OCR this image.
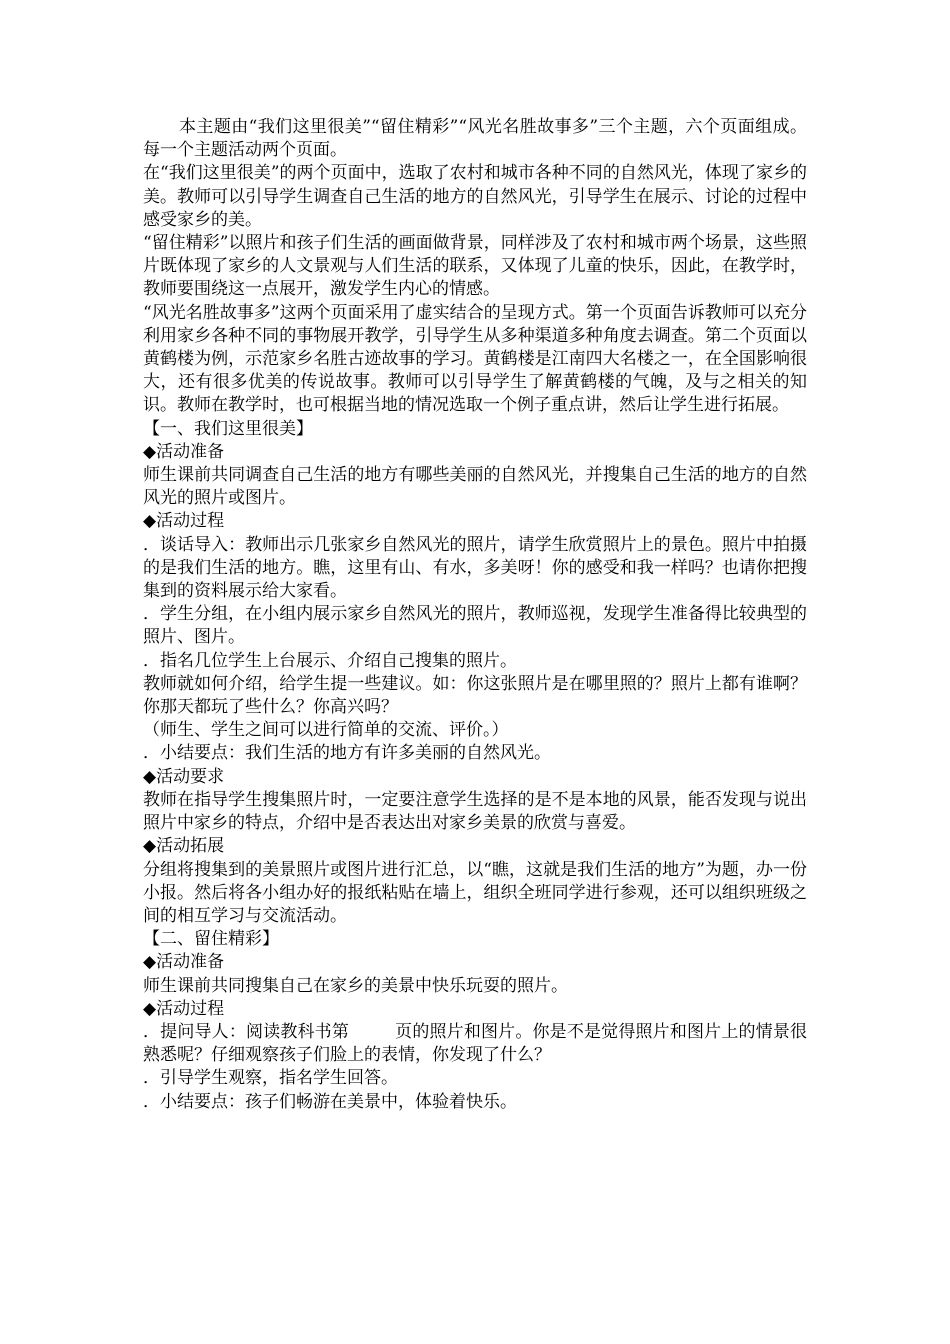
本主题由“我们这里很美”“留住精彩”“风光名胜故事多”三个主题，六个页面组成。每一个主题活动两个页面。

在“我们这里很美”的两个页面中，选取了农村和城市各种不同的自然风光，体现了家乡的美。教师可以引导学生调查自己生活的地方的自然风光，引导学生在展示、讨论的过程中感受家乡的美。

“留住精彩”以照片和孩子们生活的画面做背景，同样涉及了农村和城市两个场景，这些照片既体现了家乡的人文景观与人们生活的联系，又体现了儿童的快乐，因此，在教学时，教师要围绕这一点展开，激发学生内心的情感。

“风光名胜故事多”这两个页面采用了虚实结合的呈现方式。第一个页面告诉教师可以充分利用家乡各种不同的事物展开教学，引导学生从多种渠道多种角度去调查。第二个页面以黄鹤楼为例，示范家乡名胜古迹故事的学习。黄鹤楼是江南四大名楼之一，在全国影响很大，还有很多优美的传说故事。教师可以引导学生了解黄鹤楼的气魄，及与之相关的知识。教师在教学时，也可根据当地的情况选取一个例子重点讲，然后让学生进行拓展。

【一、我们这里很美】

◆活动准备

师生课前共同调查自己生活的地方有哪些美丽的自然风光，并搜集自己生活的地方的自然风光的照片或图片。

◆活动过程

．谈话导入：教师出示几张家乡自然风光的照片，请学生欣赏照片上的景色。照片中拍摄的是我们生活的地方。瞧，这里有山、有水，多美呀！你的感受和我一样吗？也请你把搜集到的资料展示给大家看。

．学生分组，在小组内展示家乡自然风光的照片，教师巡视，发现学生准备得比较典型的照片、图片。

．指名几位学生上台展示、介绍自己搜集的照片。

教师就如何介绍，给学生提一些建议。如：你这张照片是在哪里照的？照片上都有谁啊？你那天都玩了些什么？你高兴吗？

（师生、学生之间可以进行简单的交流、评价。）

．小结要点：我们生活的地方有许多美丽的自然风光。

◆活动要求

教师在指导学生搜集照片时，一定要注意学生选择的是不是本地的风景，能否发现与说出照片中家乡的特点，介绍中是否表达出对家乡美景的欣赏与喜爱。

◆活动拓展

分组将搜集到的美景照片或图片进行汇总，以“瞧，这就是我们生活的地方”为题，办一份小报。然后将各小组办好的报纸粘贴在墙上，组织全班同学进行参观，还可以组织班级之间的相互学习与交流活动。

【二、留住精彩】

◆活动准备

师生课前共同搜集自己在家乡的美景中快乐玩耍的照片。

◆活动过程

．提问导人：阅读教科书第	页的照片和图片。你是不是觉得照片和图片上的情景很熟悉呢？仔细观察孩子们脸上的表情，你发现了什么？

．引导学生观察，指名学生回答。

．小结要点：孩子们畅游在美景中，体验着快乐。
